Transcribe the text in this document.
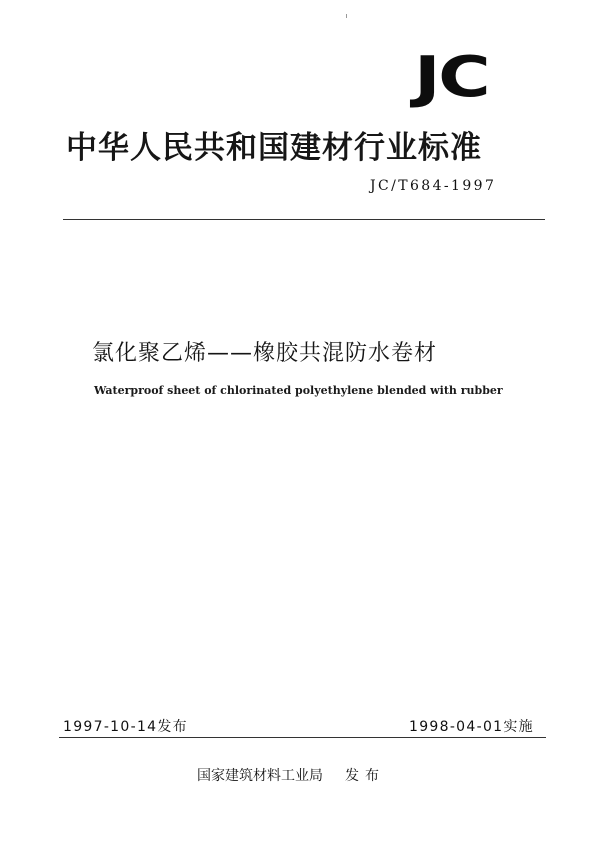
JC
中华人民共和国建材行业标准
JC/T684-1997
氯化聚乙烯——橡胶共混防水卷材
Waterproof sheet of chlorinated polyethylene blended with rubber
1997-10-14发布	1998-04-01实施
国家建筑材料工业局 发布
